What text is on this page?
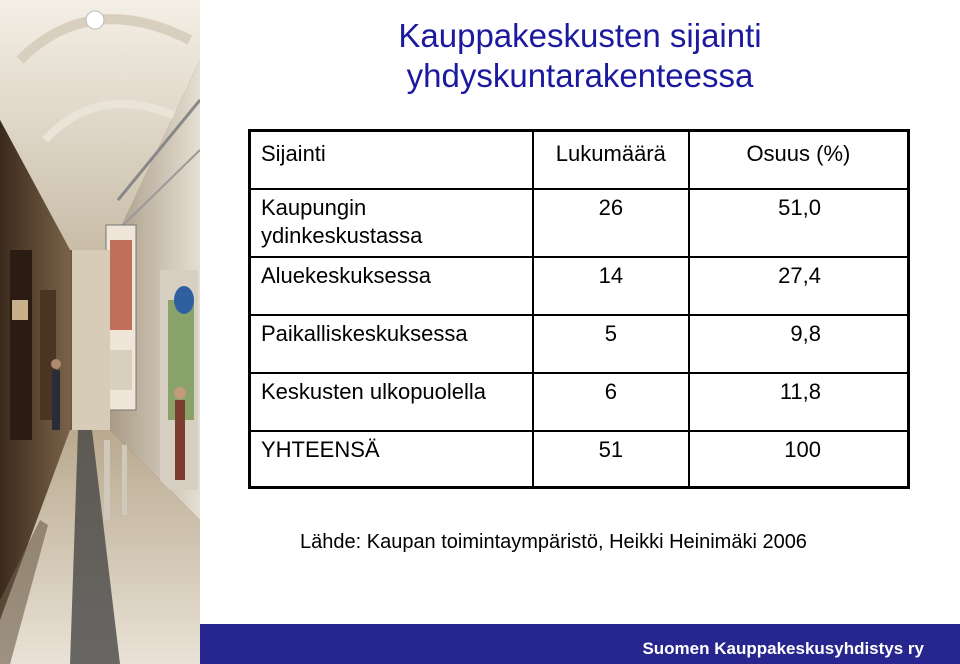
Kauppakeskusten sijainti
yhdyskuntarakenteessa
Sijainti	Lukumäärä	Osuus (%)

Kaupungin
ydinkeskustassa	26	51,0
Aluekeskuksessa	14	27,4
Paikalliskeskuksessa	5	9,8
Keskusten ulkopuolella	6	11,8
YHTEENSÄ	51	100
Lähde: Kaupan toimintaympäristö, Heikki Heinimäki 2006
Suomen Kauppakeskusyhdistys ry
